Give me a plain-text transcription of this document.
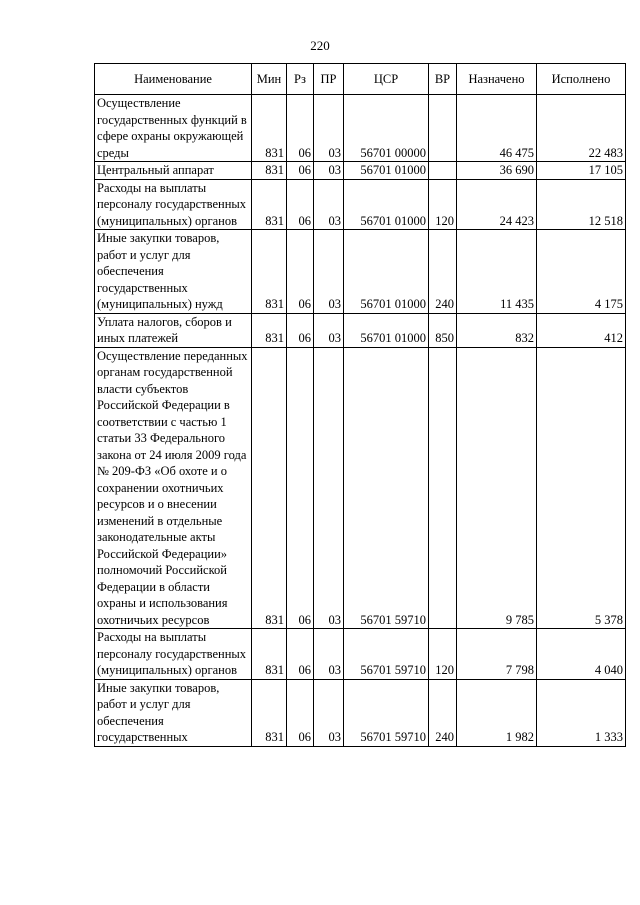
220
Наименование	Мин	Рз	ПР	ЦСР	ВР	Назначено	Исполнено
Осуществление государственных функций в сфере охраны окружающей среды	831	06	03	56701 00000		46 475	22 483
Центральный аппарат	831	06	03	56701 01000		36 690	17 105
Расходы на выплаты персоналу государственных (муниципальных) органов	831	06	03	56701 01000	120	24 423	12 518
Иные закупки товаров, работ и услуг для обеспечения государственных (муниципальных) нужд	831	06	03	56701 01000	240	11 435	4 175
Уплата налогов, сборов и иных платежей	831	06	03	56701 01000	850	832	412
Осуществление переданных органам государственной власти субъектов Российской Федерации в соответствии с частью 1 статьи 33 Федерального закона от 24 июля 2009 года № 209-ФЗ «Об охоте и о сохранении охотничьих ресурсов и о внесении изменений в отдельные законодательные акты Российской Федерации» полномочий Российской Федерации в области охраны и использования охотничьих ресурсов	831	06	03	56701 59710		9 785	5 378
Расходы на выплаты персоналу государственных (муниципальных) органов	831	06	03	56701 59710	120	7 798	4 040
Иные закупки товаров, работ и услуг для обеспечения государственных	831	06	03	56701 59710	240	1 982	1 333
